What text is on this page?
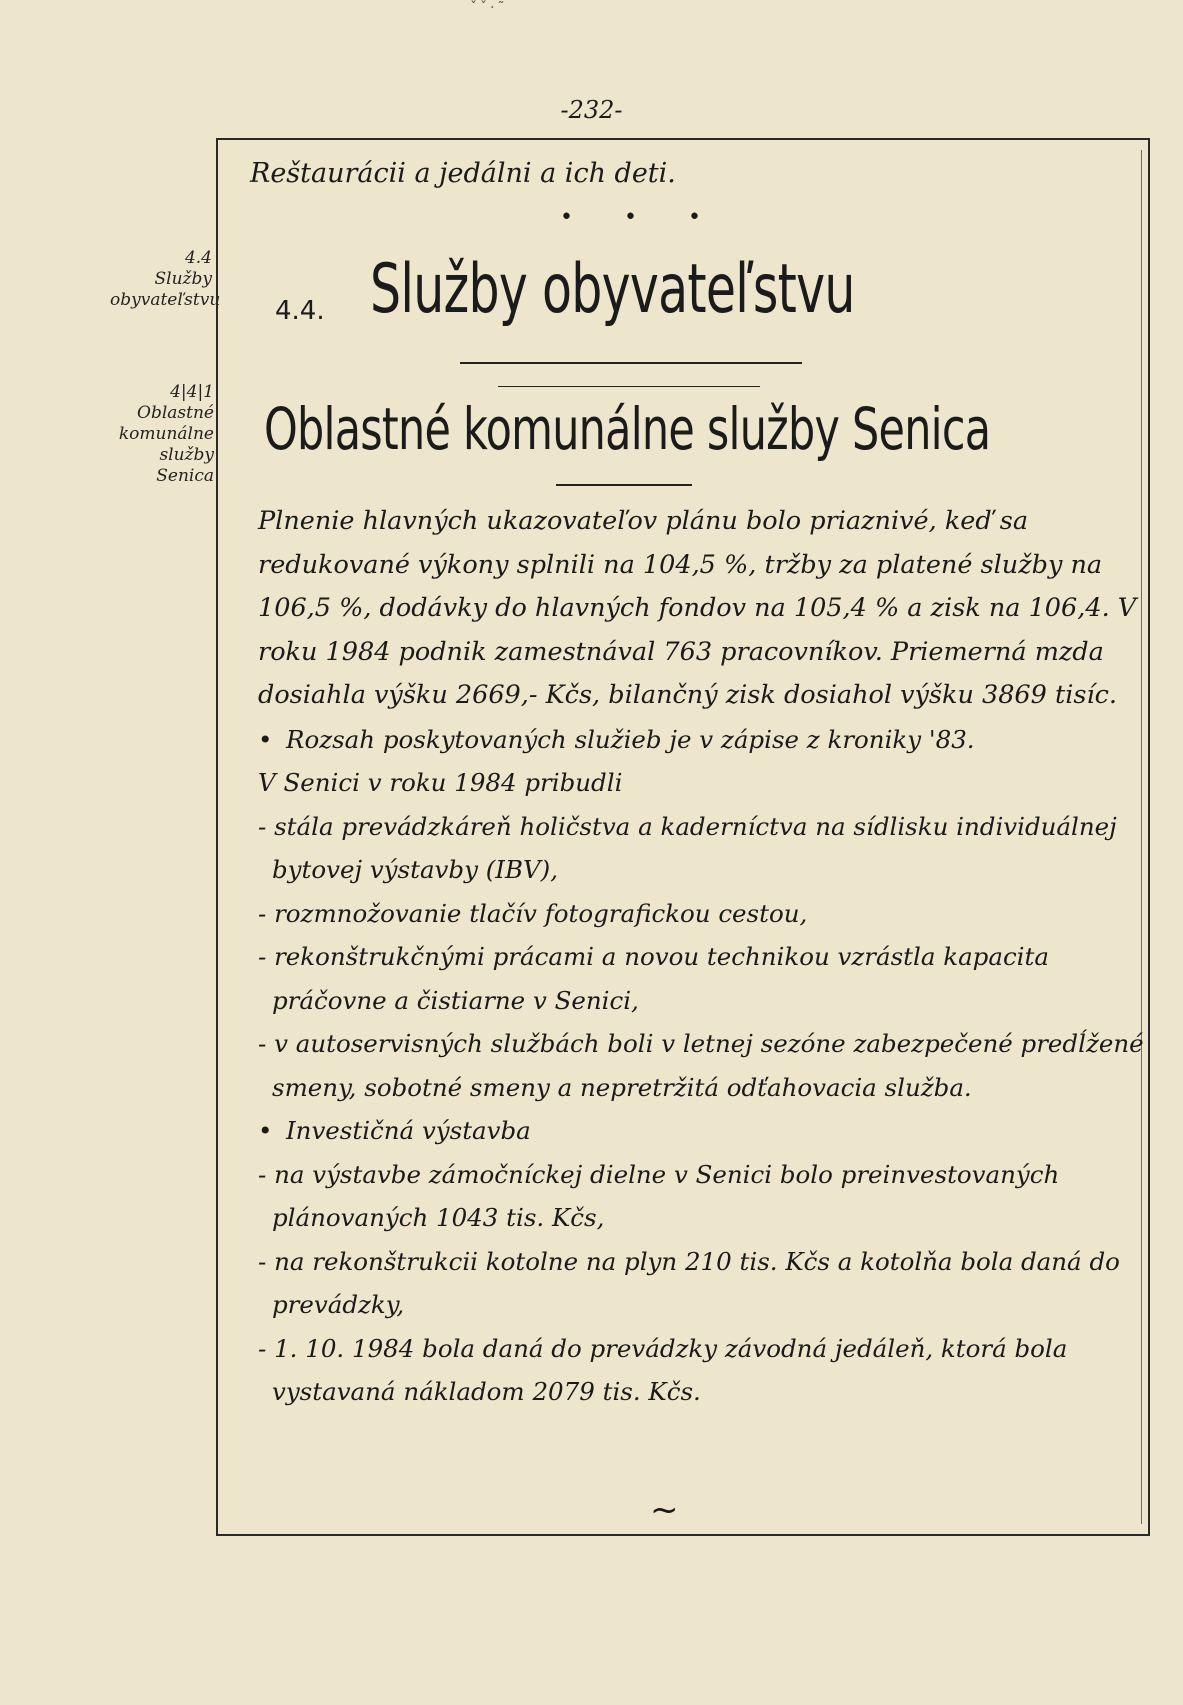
ˇˇ·˜
-232-
4.4
Služby
obyvateľstvu
4|4|1
Oblastné
komunálne
služby
Senica
Reštaurácii a jedálni a ich deti.
• • •
4.4. Služby obyvateľstvu
Oblastné komunálne služby Senica

Plnenie hlavných ukazovateľov plánu bolo priaznivé, keď sa redukované výkony splnili na 104,5 %, tržby za platené služby na 106,5 %, dodávky do hlavných fondov na 105,4 % a zisk na 106,4. V roku 1984 podnik zamestnával 763 pracovníkov. Priemerná mzda dosiahla výšku 2669,- Kčs, bilančný zisk dosiahol výšku 3869 tisíc.

• Rozsah poskytovaných služieb je v zápise z kroniky '83.

V Senici v roku 1984 pribudli

- stála prevádzkáreň holičstva a kaderníctva na sídlisku individuálnej bytovej výstavby (IBV),

- rozmnožovanie tlačív fotografickou cestou,

- rekonštrukčnými prácami a novou technikou vzrástla kapacita práčovne a čistiarne v Senici,

- v autoservisných službách boli v letnej sezóne zabezpečené predĺžené smeny, sobotné smeny a nepretržitá odťahovacia služba.

• Investičná výstavba

- na výstavbe zámočníckej dielne v Senici bolo preinvestovaných plánovaných 1043 tis. Kčs,

- na rekonštrukcii kotolne na plyn 210 tis. Kčs a kotolňa bola daná do prevádzky,

- 1. 10. 1984 bola daná do prevádzky závodná jedáleň, ktorá bola vystavaná nákladom 2079 tis. Kčs.

~
